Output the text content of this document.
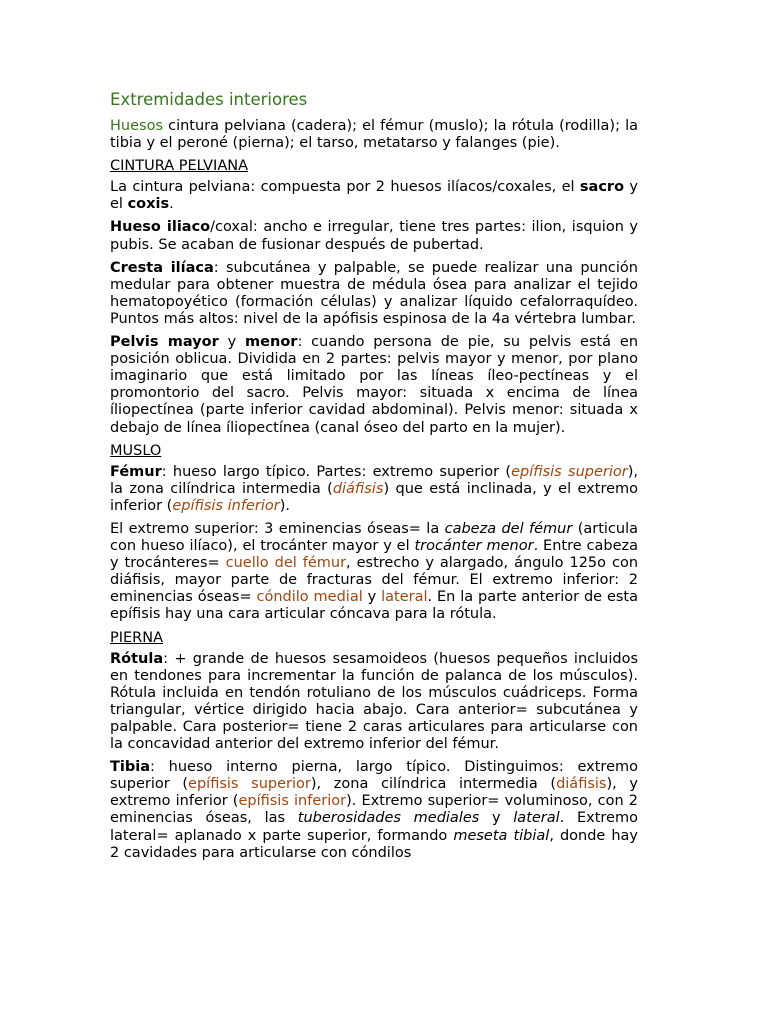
Extremidades interiores

Huesos cintura pelviana (cadera); el fémur (muslo); la rótula (rodilla); la tibia y el peroné (pierna); el tarso, metatarso y falanges (pie).

CINTURA PELVIANA

La cintura pelviana: compuesta por 2 huesos ilíacos/coxales, el sacro y el coxis.

Hueso iliaco/coxal: ancho e irregular, tiene tres partes: ilion, isquion y pubis. Se acaban de fusionar después de pubertad.

Cresta ilíaca: subcutánea y palpable, se puede realizar una punción medular para obtener muestra de médula ósea para analizar el tejido hematopoyético (formación células) y analizar líquido cefalorraquídeo. Puntos más altos: nivel de la apófisis espinosa de la 4a vértebra lumbar.

Pelvis mayor y menor: cuando persona de pie, su pelvis está en posición oblicua. Dividida en 2 partes: pelvis mayor y menor, por plano imaginario que está limitado por las líneas íleo-pectíneas y el promontorio del sacro. Pelvis mayor: situada x encima de línea íliopectínea (parte inferior cavidad abdominal). Pelvis menor: situada x debajo de línea íliopectínea (canal óseo del parto en la mujer).

MUSLO

Fémur: hueso largo típico. Partes: extremo superior (epífisis superior), la zona cilíndrica intermedia (diáfisis) que está inclinada, y el extremo inferior (epífisis inferior).

El extremo superior: 3 eminencias óseas= la cabeza del fémur (articula con hueso ilíaco), el trocánter mayor y el trocánter menor. Entre cabeza y trocánteres= cuello del fémur, estrecho y alargado, ángulo 125o con diáfisis, mayor parte de fracturas del fémur. El extremo inferior: 2 eminencias óseas= cóndilo medial y lateral. En la parte anterior de esta epífisis hay una cara articular cóncava para la rótula.

PIERNA

Rótula: + grande de huesos sesamoideos (huesos pequeños incluidos en tendones para incrementar la función de palanca de los músculos). Rótula incluida en tendón rotuliano de los músculos cuádriceps. Forma triangular, vértice dirigido hacia abajo. Cara anterior= subcutánea y palpable. Cara posterior= tiene 2 caras articulares para articularse con la concavidad anterior del extremo inferior del fémur.

Tibia: hueso interno pierna, largo típico. Distinguimos: extremo superior (epífisis superior), zona cilíndrica intermedia (diáfisis), y extremo inferior (epífisis inferior). Extremo superior= voluminoso, con 2 eminencias óseas, las tuberosidades mediales y lateral. Extremo lateral= aplanado x parte superior, formando meseta tibial, donde hay 2 cavidades para articularse con cóndilos
